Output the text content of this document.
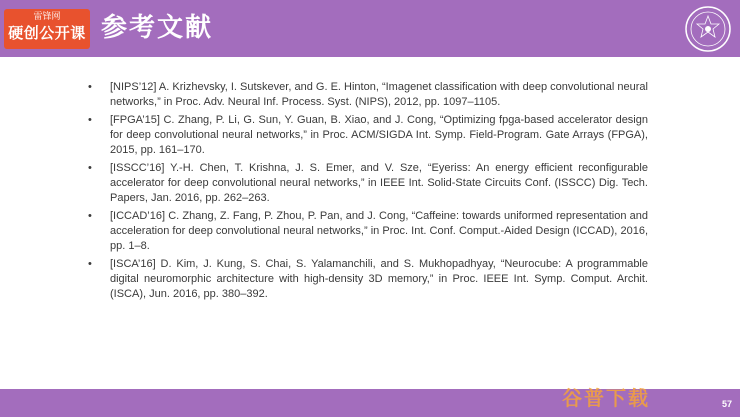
雷锋网
硬创公开课 参考文献
• [NIPS’12] A. Krizhevsky, I. Sutskever, and G. E. Hinton, “Imagenet classification with deep convolutional neural networks,” in Proc. Adv. Neural Inf. Process. Syst. (NIPS), 2012, pp. 1097–1105.
• [FPGA’15] C. Zhang, P. Li, G. Sun, Y. Guan, B. Xiao, and J. Cong, “Optimizing fpga-based accelerator design for deep convolutional neural networks,” in Proc. ACM/SIGDA Int. Symp. Field-Program. Gate Arrays (FPGA), 2015, pp. 161–170.
• [ISSCC’16] Y.-H. Chen, T. Krishna, J. S. Emer, and V. Sze, “Eyeriss: An energy efficient reconfigurable accelerator for deep convolutional neural networks,” in IEEE Int. Solid-State Circuits Conf. (ISSCC) Dig. Tech. Papers, Jan. 2016, pp. 262–263.
• [ICCAD’16] C. Zhang, Z. Fang, P. Zhou, P. Pan, and J. Cong, “Caffeine: towards uniformed representation and acceleration for deep convolutional neural networks,” in Proc. Int. Conf. Comput.-Aided Design (ICCAD), 2016, pp. 1–8.
• [ISCA’16] D. Kim, J. Kung, S. Chai, S. Yalamanchili, and S. Mukhopadhyay, “Neurocube: A programmable digital neuromorphic architecture with high-density 3D memory,” in Proc. IEEE Int. Symp. Comput. Archit. (ISCA), Jun. 2016, pp. 380–392.
57
谷普下载
